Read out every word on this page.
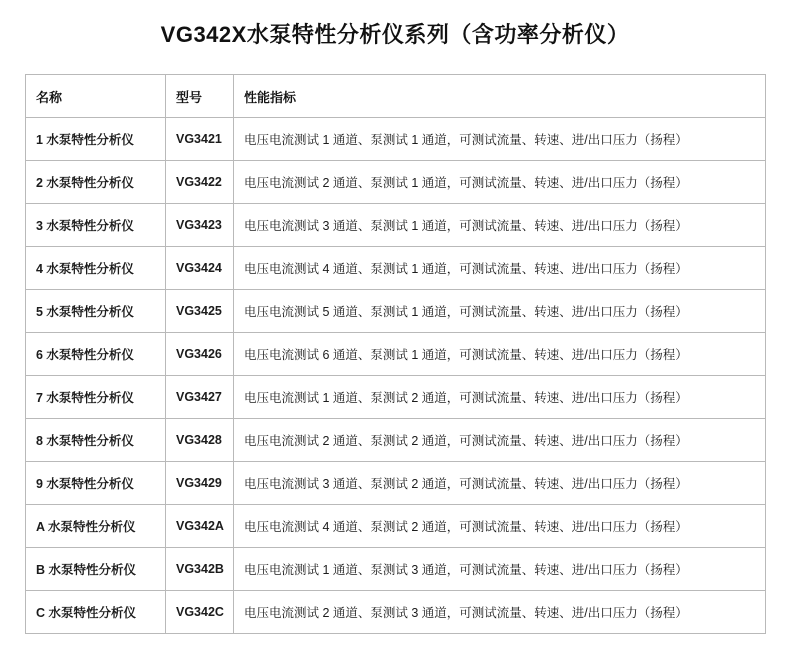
VG342X水泵特性分析仪系列（含功率分析仪）
名称	型号	性能指标
1 水泵特性分析仪	VG3421	电压电流测试 1 通道、泵测试 1 通道，可测试流量、转速、进/出口压力（扬程）
2 水泵特性分析仪	VG3422	电压电流测试 2 通道、泵测试 1 通道，可测试流量、转速、进/出口压力（扬程）
3 水泵特性分析仪	VG3423	电压电流测试 3 通道、泵测试 1 通道，可测试流量、转速、进/出口压力（扬程）
4 水泵特性分析仪	VG3424	电压电流测试 4 通道、泵测试 1 通道，可测试流量、转速、进/出口压力（扬程）
5 水泵特性分析仪	VG3425	电压电流测试 5 通道、泵测试 1 通道，可测试流量、转速、进/出口压力（扬程）
6 水泵特性分析仪	VG3426	电压电流测试 6 通道、泵测试 1 通道，可测试流量、转速、进/出口压力（扬程）
7 水泵特性分析仪	VG3427	电压电流测试 1 通道、泵测试 2 通道，可测试流量、转速、进/出口压力（扬程）
8 水泵特性分析仪	VG3428	电压电流测试 2 通道、泵测试 2 通道，可测试流量、转速、进/出口压力（扬程）
9 水泵特性分析仪	VG3429	电压电流测试 3 通道、泵测试 2 通道，可测试流量、转速、进/出口压力（扬程）
A 水泵特性分析仪	VG342A	电压电流测试 4 通道、泵测试 2 通道，可测试流量、转速、进/出口压力（扬程）
B 水泵特性分析仪	VG342B	电压电流测试 1 通道、泵测试 3 通道，可测试流量、转速、进/出口压力（扬程）
C 水泵特性分析仪	VG342C	电压电流测试 2 通道、泵测试 3 通道，可测试流量、转速、进/出口压力（扬程）
